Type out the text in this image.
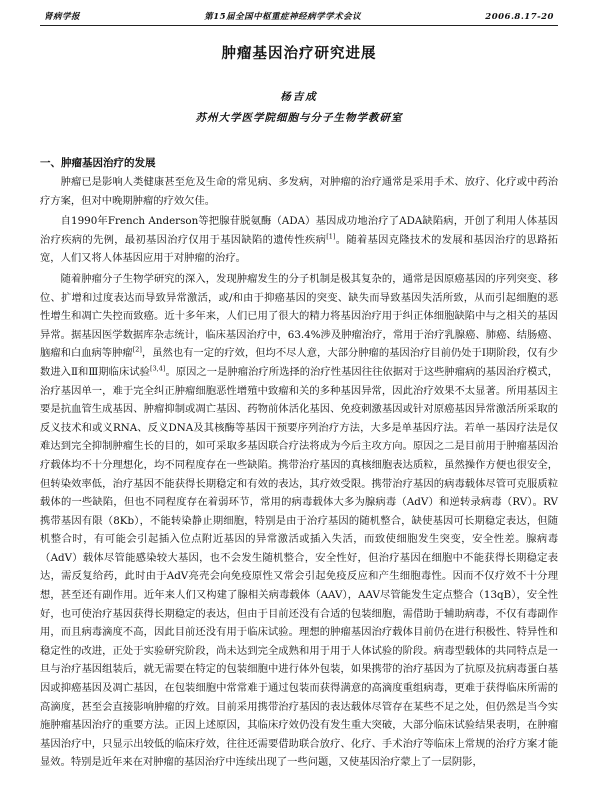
肾病学报	第15届全国中枢重症神经病学学术会议	2006.8.17-20
肿瘤基因治疗研究进展
杨吉成
苏州大学医学院细胞与分子生物学教研室
一、肿瘤基因治疗的发展

肿瘤已是影响人类健康甚至危及生命的常见病、多发病，对肿瘤的治疗通常是采用手术、放疗、化疗或中药治疗方案，但对中晚期肿瘤的疗效欠佳。

自1990年French Anderson等把腺苷脱氨酶（ADA）基因成功地治疗了ADA缺陷病，开创了利用人体基因治疗疾病的先例，最初基因治疗仅用于基因缺陷的遗传性疾病[1]。随着基因克隆技术的发展和基因治疗的思路拓宽，人们又将人体基因应用于对肿瘤的治疗。

随着肿瘤分子生物学研究的深入，发现肿瘤发生的分子机制是极其复杂的，通常是因原癌基因的序列突变、移位、扩增和过度表达而导致异常激活，或/和由于抑癌基因的突变、缺失而导致基因失活所致，从而引起细胞的恶性增生和凋亡失控而致癌。近十多年来，人们已用了很大的精力将基因治疗用于纠正体细胞缺陷中与之相关的基因异常。据基因医学数据库杂志统计，临床基因治疗中，63.4%涉及肿瘤治疗，常用于治疗乳腺癌、肺癌、结肠癌、脑瘤和白血病等肿瘤[2]，虽然也有一定的疗效，但均不尽人意，大部分肿瘤的基因治疗目前仍处于Ⅰ期阶段，仅有少数进入Ⅱ和Ⅲ期临床试验[3,4]。原因之一是肿瘤治疗所选择的治疗性基因往往依据对于这些肿瘤病的基因治疗模式，治疗基因单一，难于完全纠正肿瘤细胞恶性增殖中致瘤和关的多种基因异常，因此治疗效果不太显著。所用基因主要是抗血管生成基因、肿瘤抑制或凋亡基因、药物前体活化基因、免疫刺激基因或针对原癌基因异常激活所采取的反义技术和或义RNA、反义DNA及其核酶等基因干预要序列治疗方法，大多是单基因疗法。若单一基因疗法是仅难达到完全抑制肿瘤生长的目的，如可采取多基因联合疗法将成为今后主攻方向。原因之二是目前用于肿瘤基因治疗载体均不十分理想化，均不同程度存在一些缺陷。携带治疗基因的真核细胞表达质粒，虽然操作方便也很安全，但转染效率低，治疗基因不能获得长期稳定和有效的表达，其疗效受限。携带治疗基因的病毒载体尽管可克服质粒载体的一些缺陷，但也不同程度存在着弱环节，常用的病毒载体大多为腺病毒（AdV）和逆转录病毒（RV）。RV携带基因有限（8Kb），不能转染静止期细胞，特别是由于治疗基因的随机整合，缺使基因可长期稳定表达，但随机整合时，有可能会引起插入位点附近基因的异常激活或插入失活，而致使细胞发生突变，安全性差。腺病毒（AdV）载体尽管能感染较大基因，也不会发生随机整合，安全性好，但治疗基因在细胞中不能获得长期稳定表达，需反复给药，此时由于AdV亮壳会向免疫原性又常会引起免疫反应和产生细胞毒性。因而不仅疗效不十分理想，甚至还有副作用。近年来人们又构建了腺相关病毒载体（AAV），AAV尽管能发生定点整合（13qB），安全性好，也可使治疗基因获得长期稳定的表达，但由于目前还没有合适的包装细胞，需借助于辅助病毒，不仅有毒副作用，而且病毒滴度不高，因此目前还没有用于临床试验。理想的肿瘤基因治疗载体目前仍在进行积极性、特异性和稳定性的改进，正处于实验研究阶段，尚未达到完全成熟和用于用于人体试验的阶段。病毒型载体的共同特点是一旦与治疗基因组装后，就无需要在特定的包装细胞中进行体外包装，如果携带的治疗基因为了抗原及抗病毒蛋白基因或抑癌基因及凋亡基因，在包装细胞中常常难于通过包装而获得满意的高滴度重组病毒，更难于获得临床所需的高滴度，甚至会直接影响肿瘤的疗效。目前采用携带治疗基因的表达载体尽管存在某些不足之处，但仍然是当今实施肿瘤基因治疗的重要方法。正因上述原因，其临床疗效仍没有发生重大突破，大部分临床试验结果表明，在肿瘤基因治疗中，只显示出较低的临床疗效，往往还需要借助联合放疗、化疗、手术治疗等临床上常规的治疗方案才能显效。特别是近年来在对肿瘤的基因治疗中连续出现了一些问题，又使基因治疗蒙上了一层阴影，
